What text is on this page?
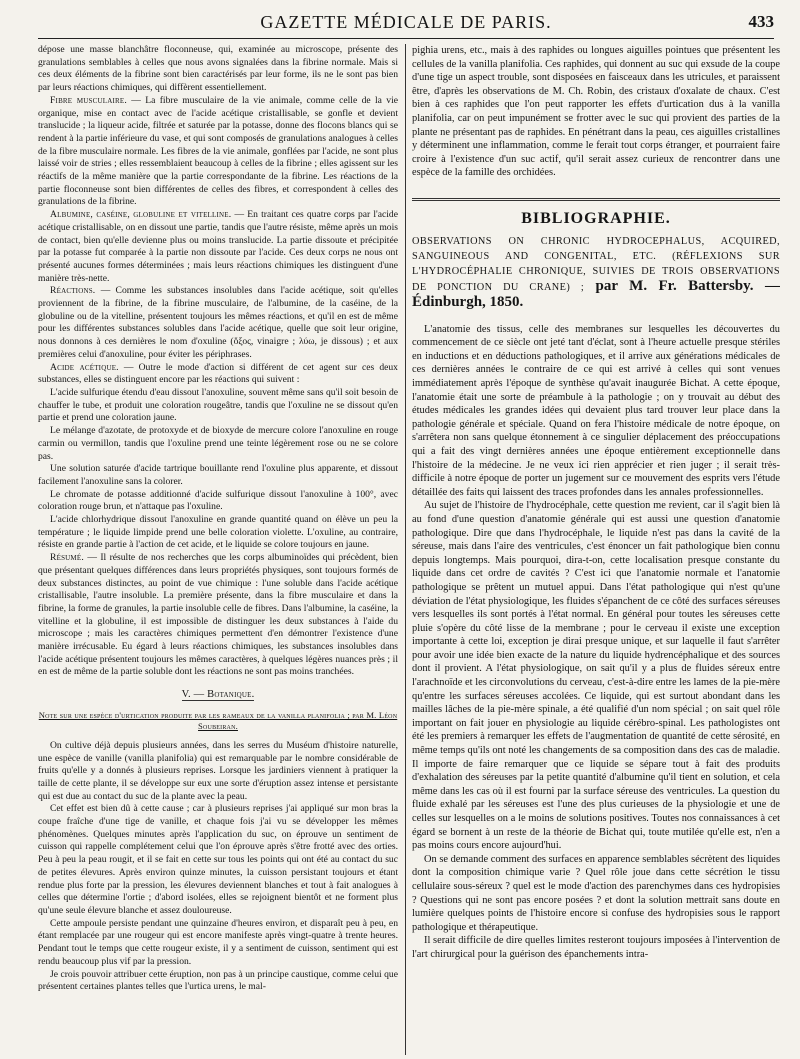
GAZETTE MÉDICALE DE PARIS.	433

dépose une masse blanchâtre floconneuse, qui, examinée au microscope, présente des granulations semblables à celles que nous avons signalées dans la fibrine normale. Mais si ces deux éléments de la fibrine sont bien caractérisés par leur forme, ils ne le sont pas bien par leurs réactions chimiques, qui diffèrent essentiellement.

Fibre musculaire. — La fibre musculaire de la vie animale, comme celle de la vie organique, mise en contact avec de l'acide acétique cristallisable, se gonfle et devient translucide ; la liqueur acide, filtrée et saturée par la potasse, donne des flocons blancs qui se rendent à la partie inférieure du vase, et qui sont composés de granulations analogues à celles de la fibre musculaire normale. Les fibres de la vie animale, gonflées par l'acide, ne sont plus laissé voir de stries ; elles ressemblaient beaucoup à celles de la fibrine ; elles agissent sur les réactifs de la même manière que la partie correspondante de la fibrine. Les réactions de la partie floconneuse sont bien différentes de celles des fibres, et correspondent à celles des granulations de la fibrine.

Albumine, caséine, globuline et vitelline. — En traitant ces quatre corps par l'acide acétique cristallisable, on en dissout une partie, tandis que l'autre résiste, même après un mois de contact, bien qu'elle devienne plus ou moins translucide. La partie dissoute et précipitée par la potasse fut comparée à la partie non dissoute par l'acide. Ces deux corps ne nous ont présenté aucunes formes déterminées ; mais leurs réactions chimiques les distinguent d'une manière très-nette.

Réactions. — Comme les substances insolubles dans l'acide acétique, soit qu'elles proviennent de la fibrine, de la fibrine musculaire, de l'albumine, de la caséine, de la globuline ou de la vitelline, présentent toujours les mêmes réactions, et qu'il en est de même pour les différentes substances solubles dans l'acide acétique, quelle que soit leur origine, nous donnons à ces dernières le nom d'oxuline (ὄξος, vinaigre ; λύω, je dissous) ; et aux premières celui d'anoxuline, pour éviter les périphrases.

Acide acétique. — Outre le mode d'action si différent de cet agent sur ces deux substances, elles se distinguent encore par les réactions qui suivent :

L'acide sulfurique étendu d'eau dissout l'anoxuline, souvent même sans qu'il soit besoin de chauffer le tube, et produit une coloration rougeâtre, tandis que l'oxuline ne se dissout qu'en partie et prend une coloration jaune.

Le mélange d'azotate, de protoxyde et de bioxyde de mercure colore l'anoxuline en rouge carmin ou vermillon, tandis que l'oxuline prend une teinte légèrement rose ou ne se colore pas.

Une solution saturée d'acide tartrique bouillante rend l'oxuline plus apparente, et dissout facilement l'anoxuline sans la colorer.

Le chromate de potasse additionné d'acide sulfurique dissout l'anoxuline à 100°, avec coloration rouge brun, et n'attaque pas l'oxuline.

L'acide chlorhydrique dissout l'anoxuline en grande quantité quand on élève un peu la température ; le liquide limpide prend une belle coloration violette. L'oxuline, au contraire, résiste en grande partie à l'action de cet acide, et le liquide se colore toujours en jaune.

Résumé. — Il résulte de nos recherches que les corps albuminoïdes qui précèdent, bien que présentant quelques différences dans leurs propriétés physiques, sont toujours formés de deux substances distinctes, au point de vue chimique : l'une soluble dans l'acide acétique cristallisable, l'autre insoluble. La première présente, dans la fibre musculaire et dans la fibrine, la forme de granules, la partie insoluble celle de fibres. Dans l'albumine, la caséine, la vitelline et la globuline, il est impossible de distinguer les deux substances à l'aide du microscope ; mais les caractères chimiques permettent d'en démontrer l'existence d'une manière irrécusable. Eu égard à leurs réactions chimiques, les substances insolubles dans l'acide acétique présentent toujours les mêmes caractères, à quelques légères nuances près ; il en est de même de la partie soluble dont les réactions ne sont pas moins tranchées.

V. — Botanique.
Note sur une espèce d'urtication produite par les rameaux de la vanilla planifolia ; par M. Léon Soubeiran.

On cultive déjà depuis plusieurs années, dans les serres du Muséum d'histoire naturelle, une espèce de vanille (vanilla planifolia) qui est remarquable par le nombre considérable de fruits qu'elle y a donnés à plusieurs reprises. Lorsque les jardiniers viennent à pratiquer la taille de cette plante, il se développe sur eux une sorte d'éruption assez intense et persistante qui est due au contact du suc de la plante avec la peau.

Cet effet est bien dû à cette cause ; car à plusieurs reprises j'ai appliqué sur mon bras la coupe fraîche d'une tige de vanille, et chaque fois j'ai vu se développer les mêmes phénomènes. Quelques minutes après l'application du suc, on éprouve un sentiment de cuisson qui rappelle complétement celui que l'on éprouve après s'être frotté avec des orties. Peu à peu la peau rougit, et il se fait en cette sur tous les points qui ont été au contact du suc de petites élevures. Après environ quinze minutes, la cuisson persistant toujours et étant rendue plus forte par la pression, les élevures deviennent blanches et tout à fait analogues à celles que détermine l'ortie ; d'abord isolées, elles se rejoignent bientôt et ne forment plus qu'une seule élevure blanche et assez douloureuse.

Cette ampoule persiste pendant une quinzaine d'heures environ, et disparaît peu à peu, en étant remplacée par une rougeur qui est encore manifeste après vingt-quatre à trente heures. Pendant tout le temps que cette rougeur existe, il y a sentiment de cuisson, sentiment qui est rendu beaucoup plus vif par la pression.

Je crois pouvoir attribuer cette éruption, non pas à un principe caustique, comme celui que présentent certaines plantes telles que l'urtica urens, le mal-

pighia urens, etc., mais à des raphides ou longues aiguilles pointues que présentent les cellules de la vanilla planifolia. Ces raphides, qui donnent au suc qui exsude de la coupe d'une tige un aspect trouble, sont disposées en faisceaux dans les utricules, et paraissent être, d'après les observations de M. Ch. Robin, des cristaux d'oxalate de chaux. C'est bien à ces raphides que l'on peut rapporter les effets d'urtication dus à la vanilla planifolia, car on peut impunément se frotter avec le suc qui provient des parties de la plante ne présentant pas de raphides. En pénétrant dans la peau, ces aiguilles cristallines y déterminent une inflammation, comme le ferait tout corps étranger, et pourraient faire croire à l'existence d'un suc actif, qu'il serait assez curieux de rencontrer dans une espèce de la famille des orchidées.

BIBLIOGRAPHIE.
OBSERVATIONS ON CHRONIC HYDROCEPHALUS, ACQUIRED, SANGUINEOUS AND CONGENITAL, ETC. (RÉFLEXIONS SUR L'HYDROCÉPHALIE CHRONIQUE, SUIVIES DE TROIS OBSERVATIONS DE PONCTION DU CRANE) ; par M. Fr. Battersby. — Édinburgh, 1850.

L'anatomie des tissus, celle des membranes sur lesquelles les découvertes du commencement de ce siècle ont jeté tant d'éclat, sont à l'heure actuelle presque stériles en inductions et en déductions pathologiques, et il arrive aux générations médicales de ces dernières années le contraire de ce qui est arrivé à celles qui sont venues immédiatement après l'époque de synthèse qu'avait inaugurée Bichat. A cette époque, l'anatomie était une sorte de préambule à la pathologie ; on y trouvait au début des études médicales les grandes idées qui devaient plus tard trouver leur place dans la pathologie générale et spéciale. Quand on fera l'histoire médicale de notre époque, on s'arrêtera non sans quelque étonnement à ce singulier déplacement des préoccupations qui a fait des vingt dernières années une époque entièrement exceptionnelle dans l'histoire de la médecine. Je ne veux ici rien apprécier et rien juger ; il serait très-difficile à notre époque de porter un jugement sur ce mouvement des esprits vers l'étude détaillée des faits qui laissent des traces profondes dans les annales professionnelles.

Au sujet de l'histoire de l'hydrocéphale, cette question me revient, car il s'agit bien là au fond d'une question d'anatomie générale qui est aussi une question d'anatomie pathologique. Dire que dans l'hydrocéphale, le liquide n'est pas dans la cavité de la séreuse, mais dans l'aire des ventricules, c'est énoncer un fait pathologique bien connu depuis longtemps. Mais pourquoi, dira-t-on, cette localisation presque constante du liquide dans cet ordre de cavités ? C'est ici que l'anatomie normale et l'anatomie pathologique se prêtent un mutuel appui. Dans l'état pathologique qui n'est qu'une déviation de l'état physiologique, les fluides s'épanchent de ce côté des surfaces séreuses vers lesquelles ils sont portés à l'état normal. En général pour toutes les séreuses cette pluie s'opère du côté lisse de la membrane ; pour le cerveau il existe une exception importante à cette loi, exception je dirai presque unique, et sur laquelle il faut s'arrêter pour avoir une idée bien exacte de la nature du liquide hydrencéphalique et des sources dont il provient. A l'état physiologique, on sait qu'il y a plus de fluides séreux entre l'arachnoïde et les circonvolutions du cerveau, c'est-à-dire entre les lames de la pie-mère qu'entre les surfaces séreuses accolées. Ce liquide, qui est surtout abondant dans les mailles lâches de la pie-mère spinale, a été qualifié d'un nom spécial ; on sait quel rôle important on fait jouer en physiologie au liquide cérébro-spinal. Les pathologistes ont été les premiers à remarquer les effets de l'augmentation de quantité de cette sérosité, en même temps qu'ils ont noté les changements de sa composition dans des cas de maladie. Il importe de faire remarquer que ce liquide se sépare tout à fait des produits d'exhalation des séreuses par la petite quantité d'albumine qu'il tient en solution, et cela même dans les cas où il est fourni par la surface séreuse des ventricules. La question du fluide exhalé par les séreuses est l'une des plus curieuses de la physiologie et une de celles sur lesquelles on a le moins de solutions positives. Toutes nos connaissances à cet égard se bornent à un reste de la théorie de Bichat qui, toute mutilée qu'elle est, n'en a pas moins cours encore aujourd'hui.

On se demande comment des surfaces en apparence semblables sécrètent des liquides dont la composition chimique varie ? Quel rôle joue dans cette sécrétion le tissu cellulaire sous-séreux ? quel est le mode d'action des parenchymes dans ces hydropisies ? Questions qui ne sont pas encore posées ? et dont la solution mettrait sans doute en lumière quelques points de l'histoire encore si confuse des hydropisies sous le rapport pathologique et thérapeutique.

Il serait difficile de dire quelles limites resteront toujours imposées à l'intervention de l'art chirurgical pour la guérison des épanchements intra-
